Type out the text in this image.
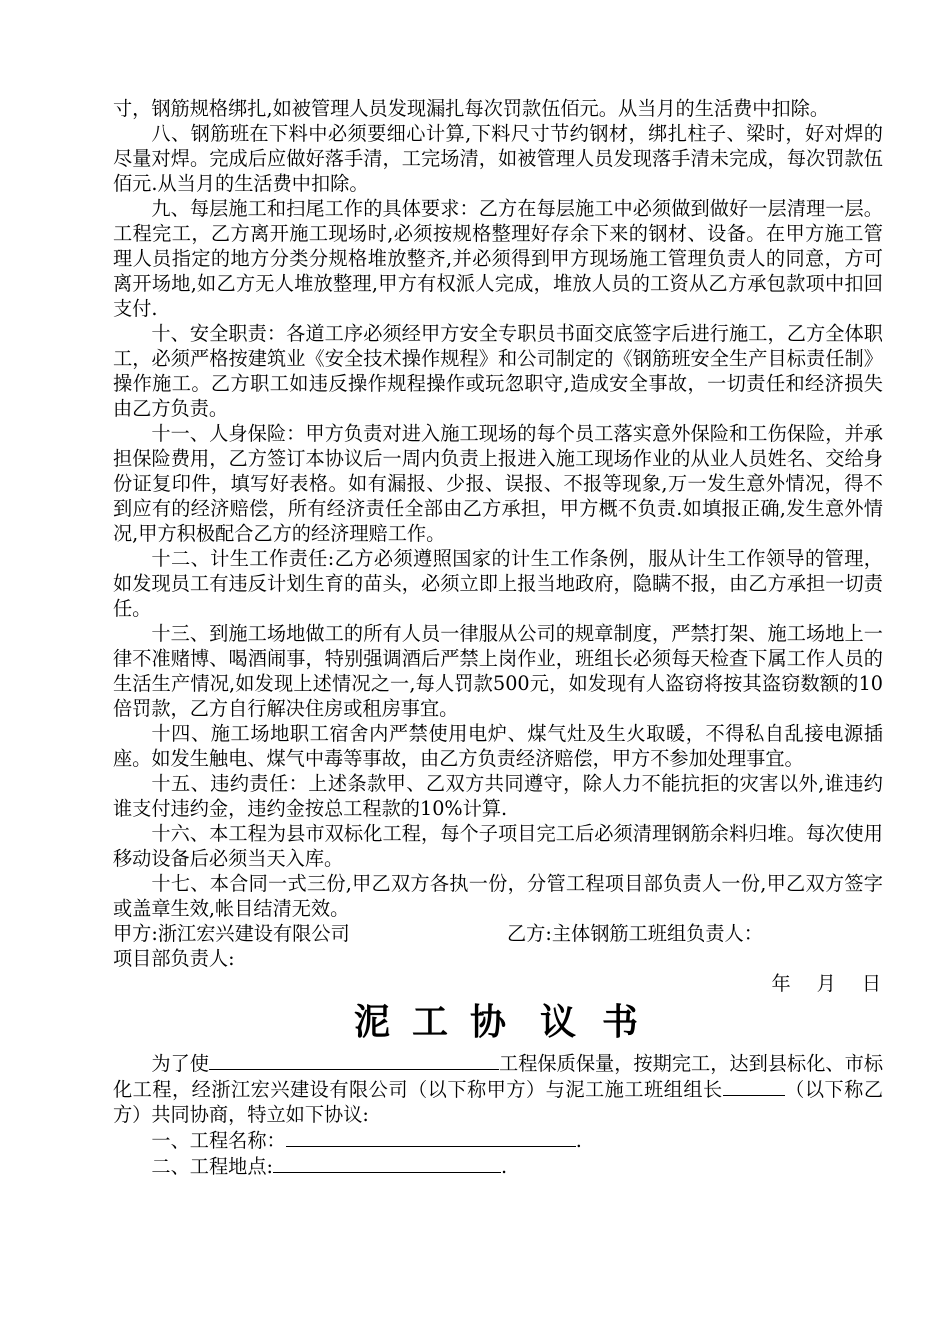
寸，钢筋规格绑扎,如被管理人员发现漏扎每次罚款伍佰元。从当月的生活费中扣除。

八、钢筋班在下料中必须要细心计算,下料尺寸节约钢材，绑扎柱子、梁时，好对焊的尽量对焊。完成后应做好落手清，工完场清，如被管理人员发现落手清未完成，每次罚款伍佰元.从当月的生活费中扣除。

九、每层施工和扫尾工作的具体要求：乙方在每层施工中必须做到做好一层清理一层。工程完工，乙方离开施工现场时,必须按规格整理好存余下来的钢材、设备。在甲方施工管理人员指定的地方分类分规格堆放整齐,并必须得到甲方现场施工管理负责人的同意，方可离开场地,如乙方无人堆放整理,甲方有权派人完成，堆放人员的工资从乙方承包款项中扣回支付.

十、安全职责：各道工序必须经甲方安全专职员书面交底签字后进行施工，乙方全体职工，必须严格按建筑业《安全技术操作规程》和公司制定的《钢筋班安全生产目标责任制》操作施工。乙方职工如违反操作规程操作或玩忽职守,造成安全事故，一切责任和经济损失由乙方负责。

十一、人身保险：甲方负责对进入施工现场的每个员工落实意外保险和工伤保险，并承担保险费用，乙方签订本协议后一周内负责上报进入施工现场作业的从业人员姓名、交给身份证复印件，填写好表格。如有漏报、少报、误报、不报等现象,万一发生意外情况，得不到应有的经济赔偿，所有经济责任全部由乙方承担，甲方概不负责.如填报正确,发生意外情况,甲方积极配合乙方的经济理赔工作。

十二、计生工作责任:乙方必须遵照国家的计生工作条例，服从计生工作领导的管理，如发现员工有违反计划生育的苗头，必须立即上报当地政府，隐瞒不报，由乙方承担一切责任。

十三、到施工场地做工的所有人员一律服从公司的规章制度，严禁打架、施工场地上一律不准赌博、喝酒闹事，特别强调酒后严禁上岗作业，班组长必须每天检查下属工作人员的生活生产情况,如发现上述情况之一,每人罚款500元，如发现有人盗窃将按其盗窃数额的10倍罚款，乙方自行解决住房或租房事宜。

十四、施工场地职工宿舍内严禁使用电炉、煤气灶及生火取暖，不得私自乱接电源插座。如发生触电、煤气中毒等事故，由乙方负责经济赔偿，甲方不参加处理事宜。

十五、违约责任：上述条款甲、乙双方共同遵守，除人力不能抗拒的灾害以外,谁违约谁支付违约金，违约金按总工程款的10%计算.

十六、本工程为县市双标化工程，每个子项目完工后必须清理钢筋余料归堆。每次使用移动设备后必须当天入库。

十七、本合同一式三份,甲乙双方各执一份，分管工程项目部负责人一份,甲乙双方签字或盖章生效,帐目结清无效。

甲方:浙江宏兴建设有限公司	乙方:主体钢筋工班组负责人：

项目部负责人:

年 月 日

泥 工 协 议 书

为了使	工程保质保量，按期完工，达到县标化、市标化工程，经浙江宏兴建设有限公司（以下称甲方）与泥工施工班组组长	（以下称乙方）共同协商，特立如下协议:

一、工程名称：	.

二、工程地点:	.
